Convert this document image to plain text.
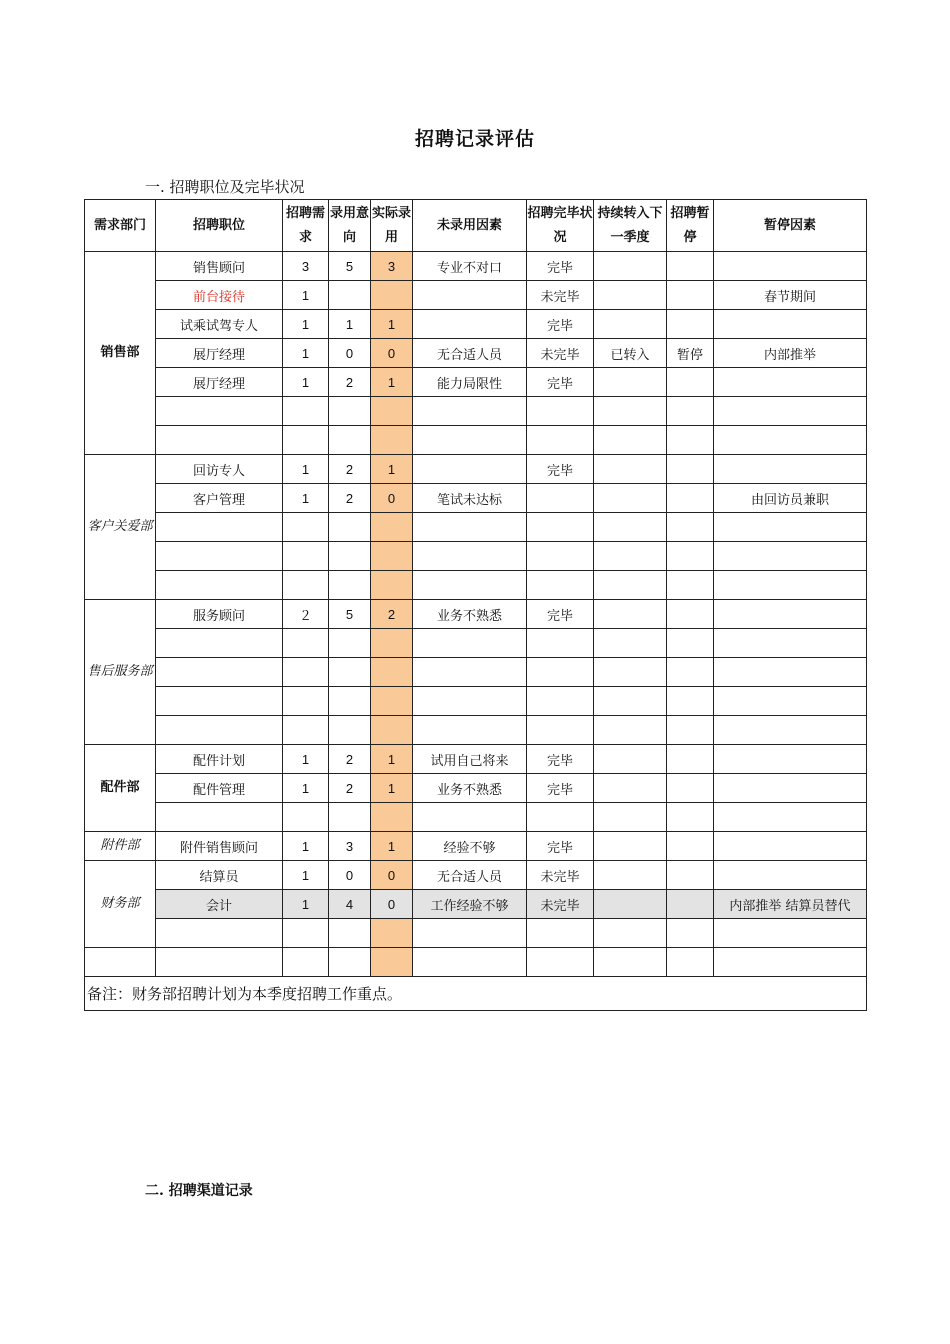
招聘记录评估
一. 招聘职位及完毕状况
需求部门	招聘职位	招聘需求	录用意向	实际录用	未录用因素	招聘完毕状况	持续转入下一季度	招聘暂停	暂停因素
销售部	销售顾问	3	5	3	专业不对口	完毕			
	前台接待	1				未完毕			春节期间
	试乘试驾专人	1	1	1		完毕			
	展厅经理	1	0	0	无合适人员	未完毕	已转入	暂停	内部推举
	展厅经理	1	2	1	能力局限性	完毕			

客户关爱部	回访专人	1	2	1		完毕			
	客户管理	1	2	0	笔试未达标				由回访员兼职

售后服务部	服务顾问	２	5	2	业务不熟悉	完毕			

配件部	配件计划	1	2	1	试用自己将来	完毕			
	配件管理	1	2	1	业务不熟悉	完毕			

附件部	附件销售顾问	1	3	1	经验不够	完毕			
财务部	结算员	1	0	0	无合适人员	未完毕			
	会计	1	4	0	工作经验不够	未完毕			内部推举 结算员替代

备注：财务部招聘计划为本季度招聘工作重点。									
二. 招聘渠道记录
